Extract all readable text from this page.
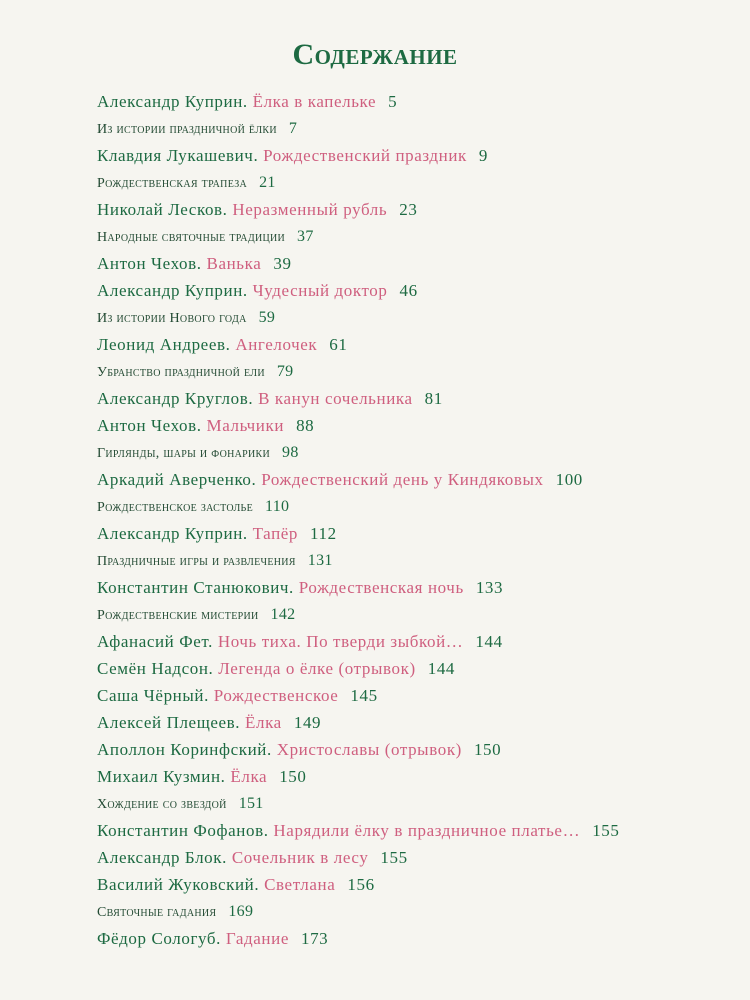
Содержание
Александр Куприн. Ёлка в капельке 5
Из истории праздничной ёлки 7
Клавдия Лукашевич. Рождественский праздник 9
Рождественская трапеза 21
Николай Лесков. Неразменный рубль 23
Народные святочные традиции 37
Антон Чехов. Ванька 39
Александр Куприн. Чудесный доктор 46
Из истории Нового года 59
Леонид Андреев. Ангелочек 61
Убранство праздничной ели 79
Александр Круглов. В канун сочельника 81
Антон Чехов. Мальчики 88
Гирлянды, шары и фонарики 98
Аркадий Аверченко. Рождественский день у Киндяковых 100
Рождественское застолье 110
Александр Куприн. Тапёр 112
Праздничные игры и развлечения 131
Константин Станюкович. Рождественская ночь 133
Рождественские мистерии 142
Афанасий Фет. Ночь тиха. По тверди зыбкой… 144
Семён Надсон. Легенда о ёлке (отрывок) 144
Саша Чёрный. Рождественское 145
Алексей Плещеев. Ёлка 149
Аполлон Коринфский. Христославы (отрывок) 150
Михаил Кузмин. Ёлка 150
Хождение со звездой 151
Константин Фофанов. Нарядили ёлку в праздничное платье… 155
Александр Блок. Сочельник в лесу 155
Василий Жуковский. Светлана 156
Святочные гадания 169
Фёдор Сологуб. Гадание 173
